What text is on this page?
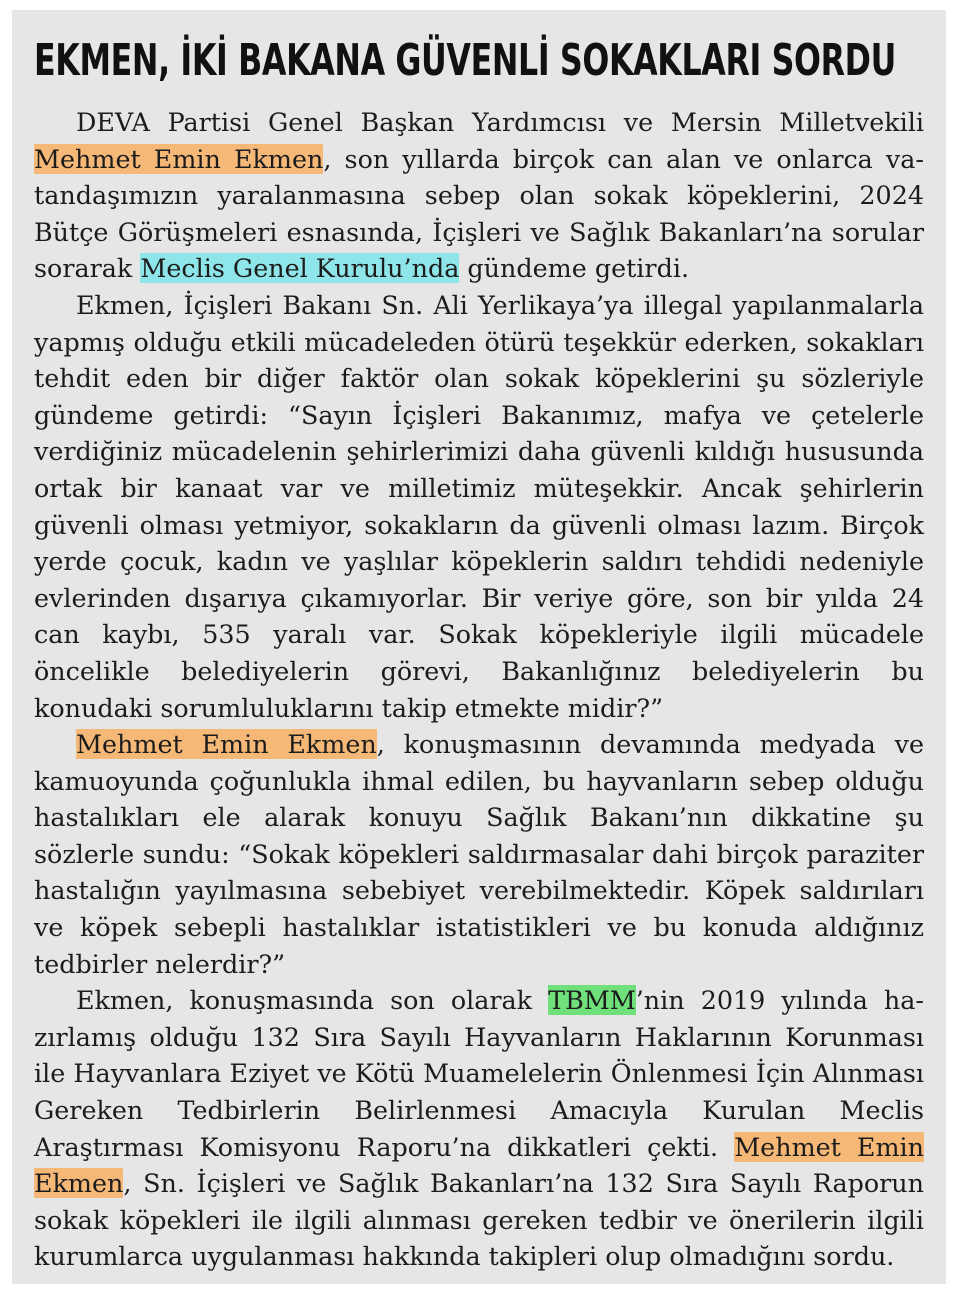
EKMEN, İKİ BAKANA GÜVENLİ SOKAKLARI SORDU

DEVA Partisi Genel Başkan Yardımcısı ve Mersin Milletvekili Mehmet Emin Ekmen, son yıllarda birçok can alan ve onlarca vatandaşımızın yaralanmasına sebep olan sokak köpeklerini, 2024 Bütçe Görüşmeleri esnasında, İçişleri ve Sağlık Bakanları’na sorular sorarak Meclis Genel Kurulu’nda gündeme getirdi.

Ekmen, İçişleri Bakanı Sn. Ali Yerlikaya’ya illegal yapılanmalarla yapmış olduğu etkili mücadeleden ötürü teşekkür ederken, sokakları tehdit eden bir diğer faktör olan sokak köpeklerini şu sözleriyle gündeme getirdi: “Sayın İçişleri Bakanımız, mafya ve çetelerle verdiğiniz mücadelenin şehirlerimizi daha güvenli kıldığı hususunda ortak bir kanaat var ve milletimiz müteşekkir. Ancak şehirlerin güvenli olması yetmiyor, sokakların da güvenli olması lazım. Birçok yerde çocuk, kadın ve yaşlılar köpeklerin saldırı tehdidi nedeniyle evlerinden dışarıya çıkamıyorlar. Bir veriye göre, son bir yılda 24 can kaybı, 535 yaralı var. Sokak köpekleriyle ilgili mücadele öncelikle belediyelerin görevi, Bakanlığınız belediyelerin bu konudaki sorumluluklarını takip etmekte midir?”

Mehmet Emin Ekmen, konuşmasının devamında medyada ve kamuoyunda çoğunlukla ihmal edilen, bu hayvanların sebep olduğu hastalıkları ele alarak konuyu Sağlık Bakanı’nın dikkatine şu sözlerle sundu: “Sokak köpekleri saldırmasalar dahi birçok paraziter hastalığın yayılmasına sebebiyet verebilmektedir. Köpek saldırıları ve köpek sebepli hastalıklar istatistikleri ve bu konuda aldığınız tedbirler nelerdir?”

Ekmen, konuşmasında son olarak TBMM’nin 2019 yılında hazırlamış olduğu 132 Sıra Sayılı Hayvanların Haklarının Korunması ile Hayvanlara Eziyet ve Kötü Muamelelerin Önlenmesi İçin Alınması Gereken Tedbirlerin Belirlenmesi Amacıyla Kurulan Meclis Araştırması Komisyonu Raporu’na dikkatleri çekti. Mehmet Emin Ekmen, Sn. İçişleri ve Sağlık Bakanları’na 132 Sıra Sayılı Raporun sokak köpekleri ile ilgili alınması gereken tedbir ve önerilerin ilgili kurumlarca uygulanması hakkında takipleri olup olmadığını sordu.
